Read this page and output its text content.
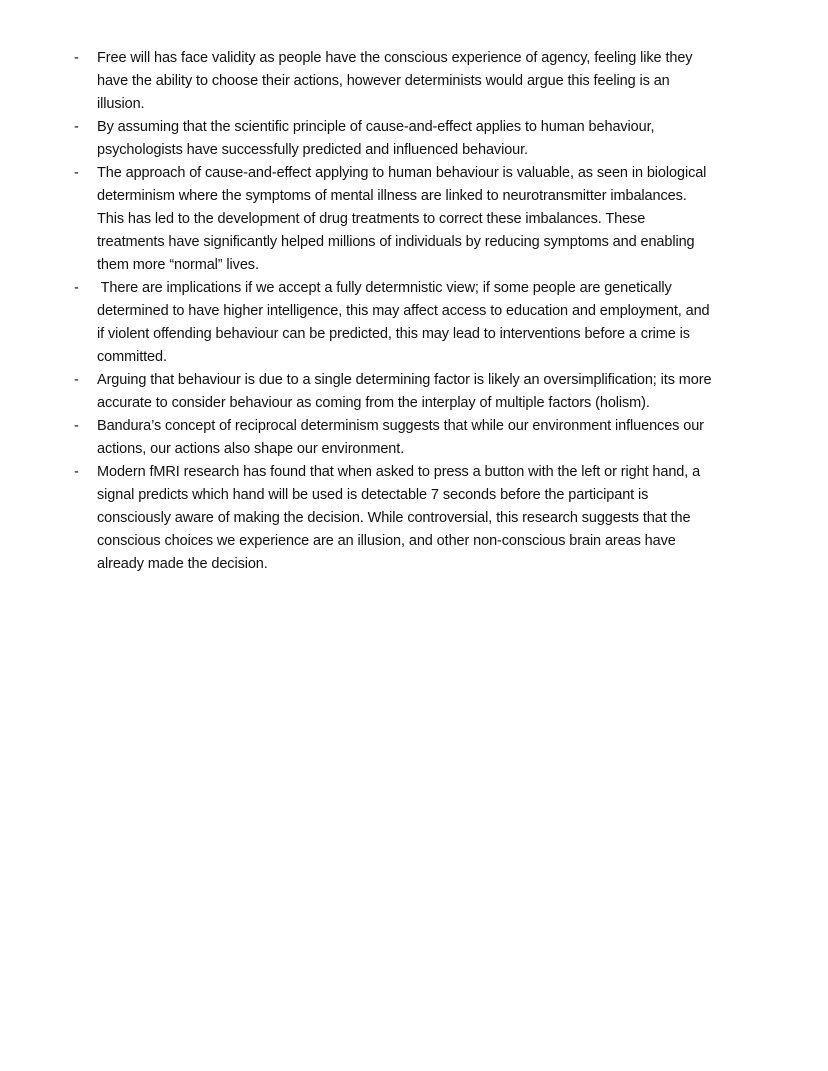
- Free will has face validity as people have the conscious experience of agency, feeling like they
have the ability to choose their actions, however determinists would argue this feeling is an
illusion.
- By assuming that the scientific principle of cause-and-effect applies to human behaviour,
psychologists have successfully predicted and influenced behaviour.
- The approach of cause-and-effect applying to human behaviour is valuable, as seen in biological
determinism where the symptoms of mental illness are linked to neurotransmitter imbalances.
This has led to the development of drug treatments to correct these imbalances. These
treatments have significantly helped millions of individuals by reducing symptoms and enabling
them more “normal” lives.
- There are implications if we accept a fully determnistic view; if some people are genetically
determined to have higher intelligence, this may affect access to education and employment, and
if violent offending behaviour can be predicted, this may lead to interventions before a crime is
committed.
- Arguing that behaviour is due to a single determining factor is likely an oversimplification; its more
accurate to consider behaviour as coming from the interplay of multiple factors (holism).
- Bandura’s concept of reciprocal determinism suggests that while our environment influences our
actions, our actions also shape our environment.
- Modern fMRI research has found that when asked to press a button with the left or right hand, a
signal predicts which hand will be used is detectable 7 seconds before the participant is
consciously aware of making the decision. While controversial, this research suggests that the
conscious choices we experience are an illusion, and other non-conscious brain areas have
already made the decision.
